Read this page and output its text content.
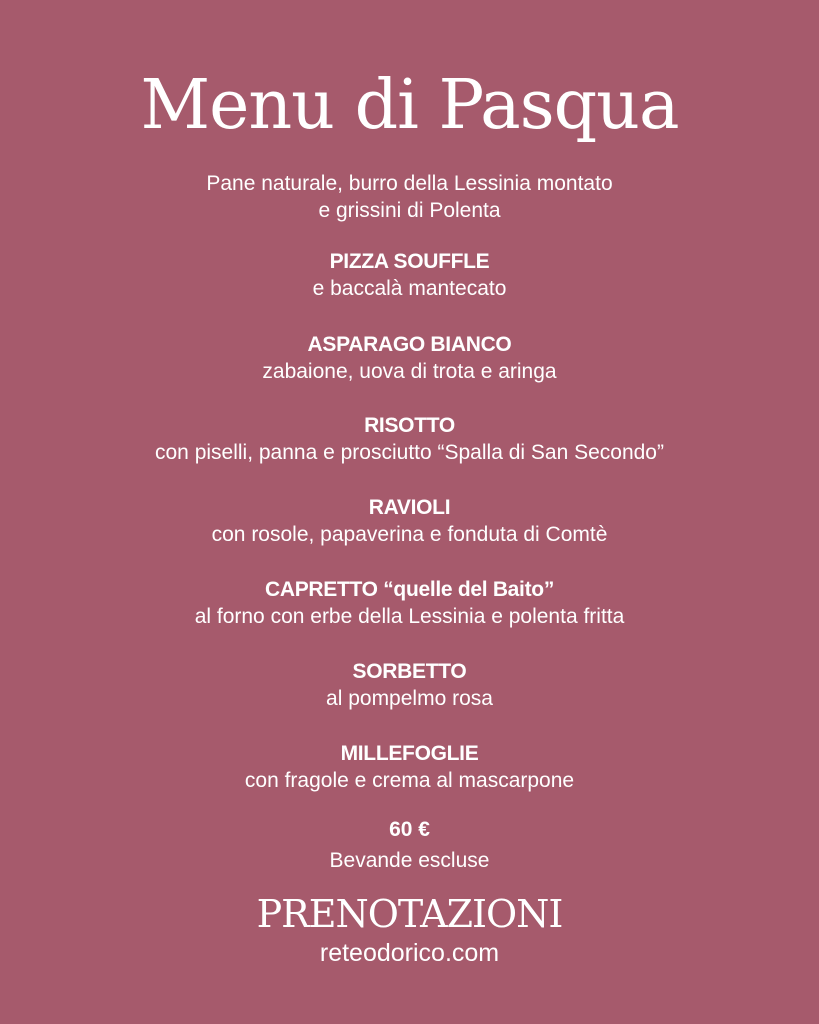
Menu di Pasqua
Pane naturale, burro della Lessinia montato
e grissini di Polenta
PIZZA SOUFFLE
e baccalà mantecato
ASPARAGO BIANCO
zabaione, uova di trota e aringa
RISOTTO
con piselli, panna e prosciutto “Spalla di San Secondo”
RAVIOLI
con rosole, papaverina e fonduta di Comtè
CAPRETTO “quelle del Baito”
al forno con erbe della Lessinia e polenta fritta
SORBETTO
al pompelmo rosa
MILLEFOGLIE
con fragole e crema al mascarpone
60 €
Bevande escluse
PRENOTAZIONI
reteodorico.com
